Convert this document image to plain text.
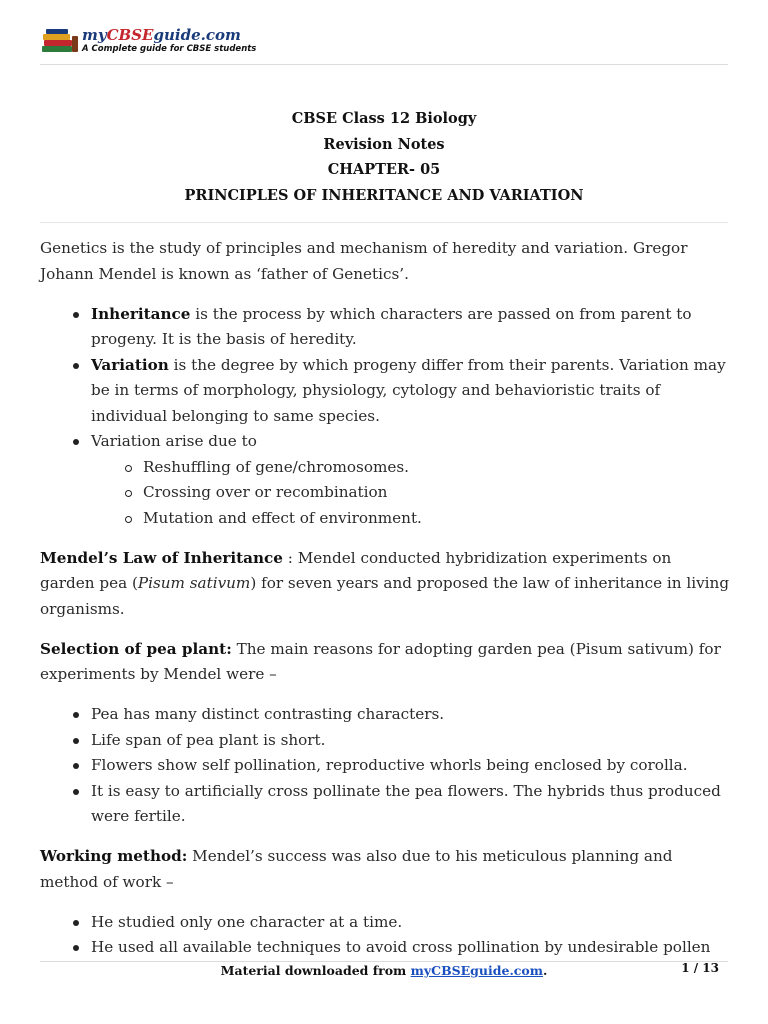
myCBSEguide.com
A Complete guide for CBSE students
CBSE Class 12 Biology
Revision Notes
CHAPTER- 05
PRINCIPLES OF INHERITANCE AND VARIATION

Genetics is the study of principles and mechanism of heredity and variation. Gregor Johann Mendel is known as ‘father of Genetics’.

Inheritance is the process by which characters are passed on from parent to progeny. It is the basis of heredity.
Variation is the degree by which progeny differ from their parents. Variation may be in terms of morphology, physiology, cytology and behavioristic traits of individual belonging to same species.
Variation arise due to
Reshuffling of gene/chromosomes.
Crossing over or recombination
Mutation and effect of environment.

Mendel’s Law of Inheritance : Mendel conducted hybridization experiments on garden pea (Pisum sativum) for seven years and proposed the law of inheritance in living organisms.

Selection of pea plant: The main reasons for adopting garden pea (Pisum sativum) for experiments by Mendel were –

Pea has many distinct contrasting characters.
Life span of pea plant is short.
Flowers show self pollination, reproductive whorls being enclosed by corolla.
It is easy to artificially cross pollinate the pea flowers. The hybrids thus produced were fertile.

Working method: Mendel’s success was also due to his meticulous planning and method of work –

He studied only one character at a time.
He used all available techniques to avoid cross pollination by undesirable pollen
Material downloaded from myCBSEguide.com.	1 / 13
